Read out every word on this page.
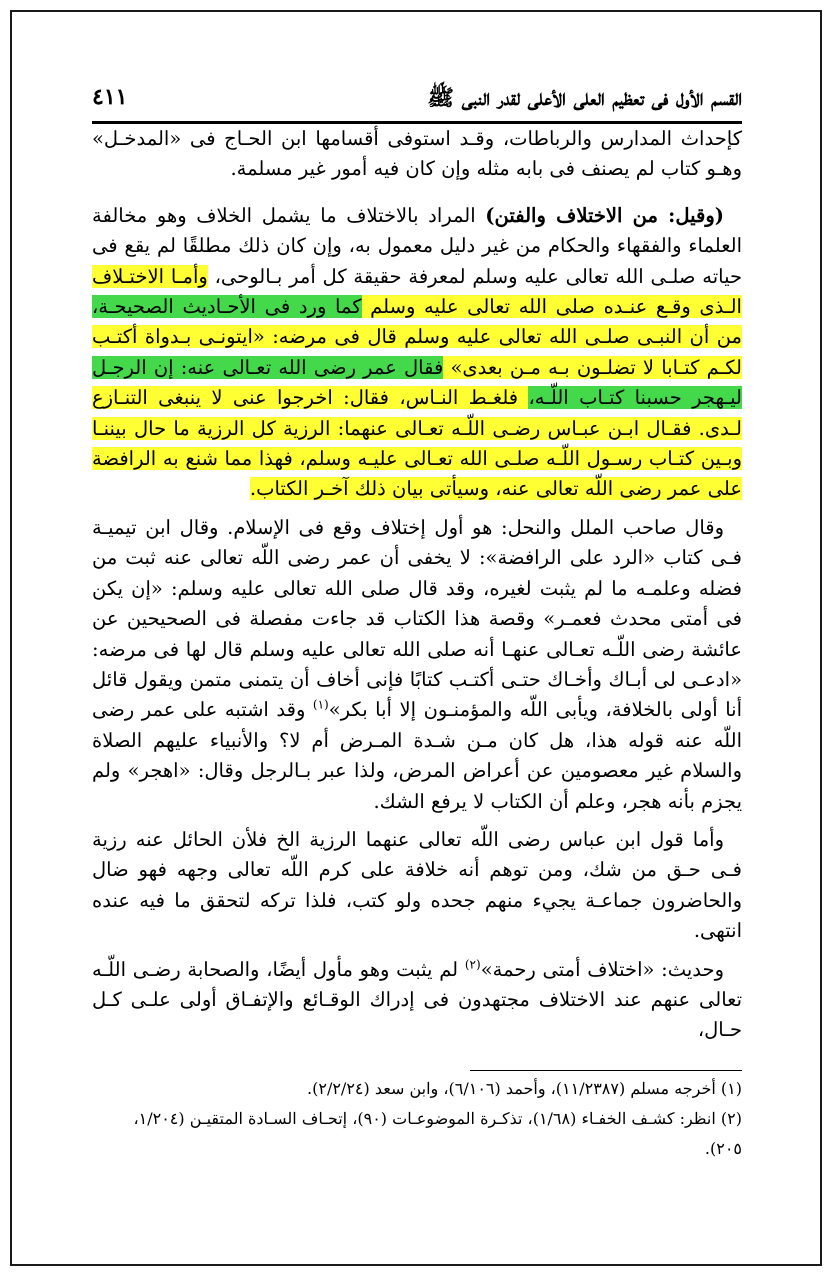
القسم الأول فى تعظيم العلى الأعلى لقدر النبى ﷺ
٤١١

كإحداث المدارس والرباطات، وقـد استوفى أقسامها ابن الحـاج فى «المدخـل» وهـو كتاب لم يصنف فى بابه مثله وإن كان فيه أمور غير مسلمة.

(وقيل: من الاختلاف والفتن) المراد بالاختلاف ما يشمل الخلاف وهو مخالفة العلماء والفقهاء والحكام من غير دليل معمول به، وإن كان ذلك مطلقًا لم يقع فى حياته صلـى الله تعالى عليه وسلم لمعرفة حقيقة كل أمر بـالوحى، وأمـا الاختـلاف الـذى وقـع عنـده صلى الله تعالى عليه وسلم كما ورد فى الأحـاديث الصحيحـة، من أن النبـى صلـى الله تعالى عليه وسلم قال فى مرضه: «ايتونـى بـدواة أكتـب لكـم كتـابا لا تضلـون بـه مـن بعدى» فقال عمر رضى الله تعـالى عنه: إن الرجـل ليـهجر حسبنا كتـاب اللّـه، فلغـط النـاس، فقال: اخرجوا عنى لا ينبغى التنـازع لـدى. فقـال ابـن عبـاس رضـى اللّـه تعـالى عنهما: الرزية كل الرزية ما حال بيننـا وبـين كتـاب رسـول اللّـه صلـى الله تعـالى عليـه وسلم، فهذا مما شنع به الرافضة على عمر رضى اللّه تعالى عنه، وسيأتى بيان ذلك آخـر الكتاب.

وقال صاحب الملل والنحل: هو أول إختلاف وقع فى الإسلام. وقال ابن تيميـة فـى كتاب «الرد على الرافضة»: لا يخفى أن عمر رضى اللّه تعالى عنه ثبت من فضله وعلمـه ما لم يثبت لغيره، وقد قال صلى الله تعالى عليه وسلم: «إن يكن فى أمتى محدث فعمـر» وقصة هذا الكتاب قد جاءت مفصلة فى الصحيحين عن عائشة رضى اللّـه تعـالى عنهـا أنه صلى الله تعالى عليه وسلم قال لها فى مرضه: «ادعـى لى أبـاك وأخـاك حتـى أكتـب كتابًا فإنى أخاف أن يتمنى متمن ويقول قائل أنا أولى بالخلافة، ويأبى اللّه والمؤمنـون إلا أبا بكر»$^{(١)}$ وقد اشتبه على عمر رضى اللّه عنه قوله هذا، هل كان مـن شـدة المـرض أم لا؟ والأنبياء عليهم الصلاة والسلام غير معصومين عن أعراض المرض، ولذا عبر بـالرجل وقال: «اهجر» ولم يجزم بأنه هجر، وعلم أن الكتاب لا يرفع الشك.

وأما قول ابن عباس رضى اللّه تعالى عنهما الرزية الخ فلأن الحائل عنه رزية فـى حـق من شك، ومن توهم أنه خلافة على كرم اللّه تعالى وجهه فهو ضال والحاضرون جماعـة يجيء منهم جحده ولو كتب، فلذا تركه لتحقق ما فيه عنده انتهى.

وحديث: «اختلاف أمتى رحمة»$^{(٢)}$ لم يثبت وهو مأول أيضًا، والصحابة رضـى اللّـه تعالى عنهم عند الاختلاف مجتهدون فى إدراك الوقـائع والإتفـاق أولى علـى كـل حـال،

(١) أخرجه مسلم (١١/٢٣٨٧)، وأحمد (٦/١٠٦)، وابن سعد (٢/٢/٢٤).

(٢) انظر: كشـف الخفـاء (١/٦٨)، تذكـرة الموضوعـات (٩٠)، إتحـاف السـادة المتقيـن (١/٢٠٤، ٢٠٥).
